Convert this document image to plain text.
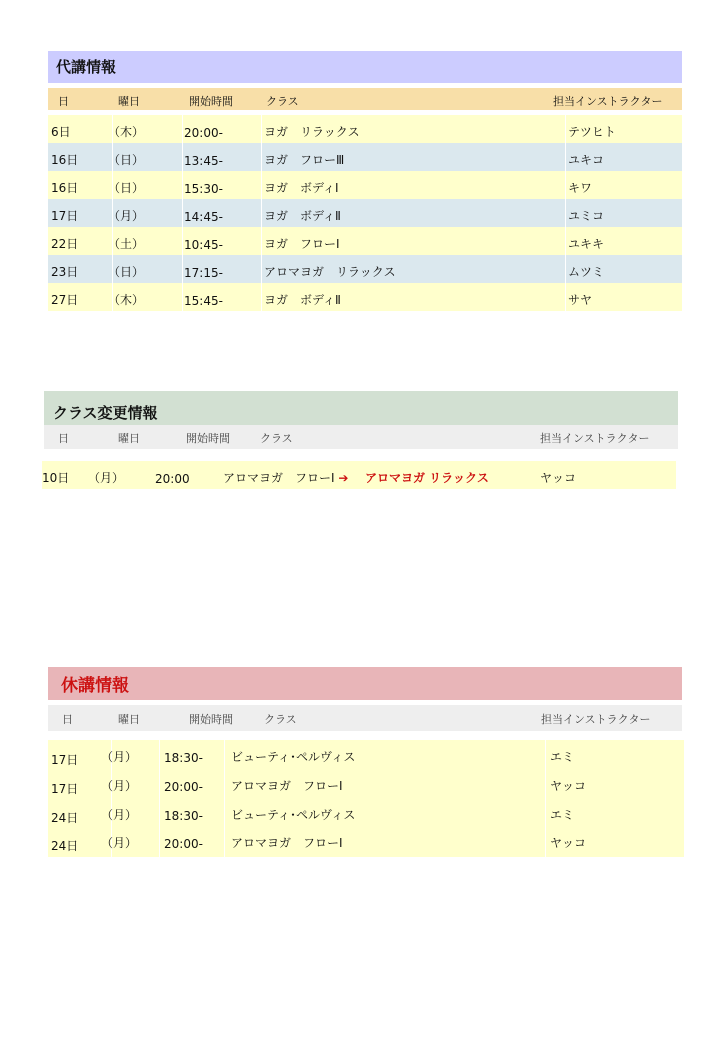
代講情報
日	曜日	開始時間	クラス	担当インストラクター
6日	（木）	20:00-	ヨガ　リラックス	テツヒト
16日 （日）	13:45-	ヨガ　フローⅢ	ユキコ
16日 （日）	15:30-	ヨガ　ボディⅠ	キワ
17日 （月）	14:45-	ヨガ　ボディⅡ	ユミコ
22日 （土）	10:45-	ヨガ　フローⅠ	ユキキ
23日 （日）	17:15-	アロマヨガ　リラックス	ムツミ
27日 （木）	15:45-	ヨガ　ボディⅡ	サヤ
クラス変更情報
日	曜日	開始時間	クラス	担当インストラクター
10日 （月）	20:00	アロマヨガ　フローⅠ ➔ アロマヨガ リラックス	ヤッコ
休講情報
日	曜日	開始時間	クラス	担当インストラクター
17日 （月） 18:30- ビューティ･ペルヴィス	エミ
17日 （月） 20:00- アロマヨガ　フローⅠ	ヤッコ
24日 （月） 18:30- ビューティ･ペルヴィス	エミ
24日 （月） 20:00- アロマヨガ　フローⅠ	ヤッコ
